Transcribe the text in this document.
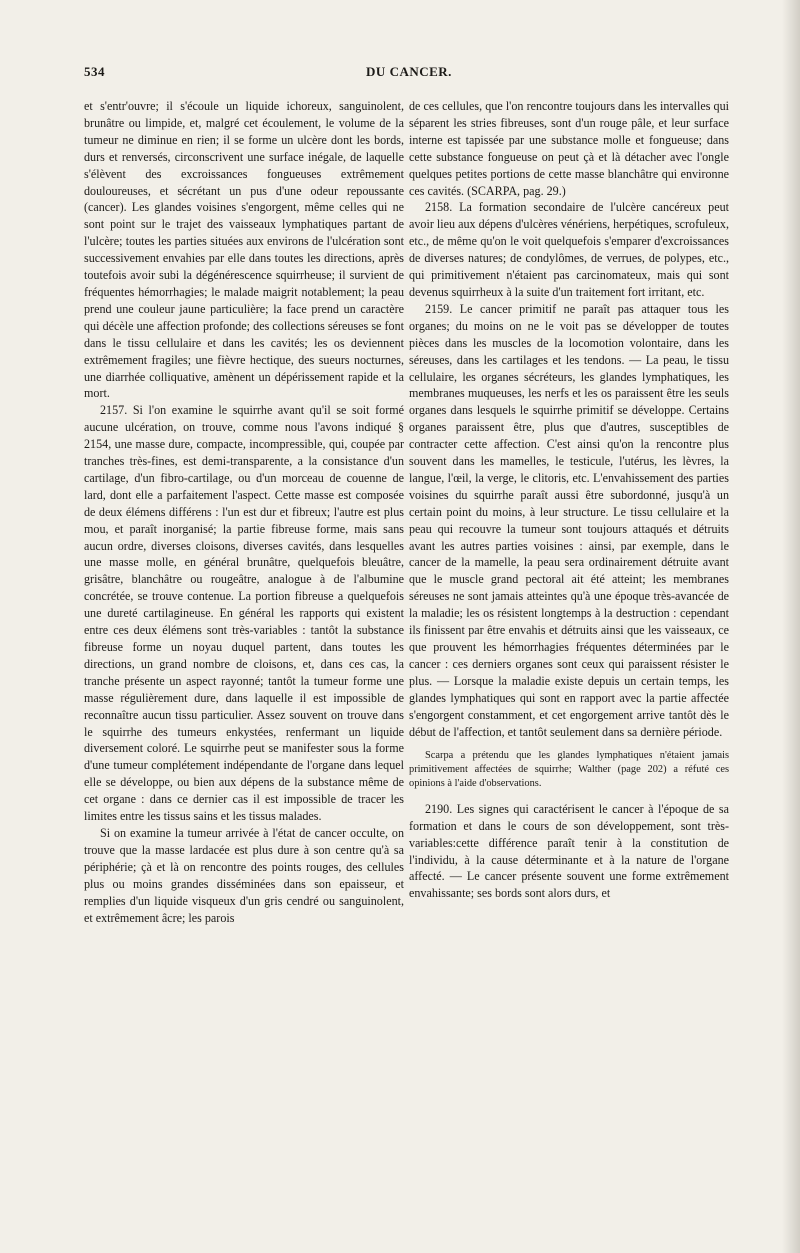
534	DU CANCER.

et s'entr'ouvre; il s'écoule un liquide ichoreux, sanguinolent, brunâtre ou limpide, et, malgré cet écoulement, le volume de la tumeur ne diminue en rien; il se forme un ulcère dont les bords, durs et renversés, circonscrivent une surface inégale, de laquelle s'élèvent des excroissances fongueuses extrêmement douloureuses, et sécrétant un pus d'une odeur repoussante (cancer). Les glandes voisines s'engorgent, même celles qui ne sont point sur le trajet des vaisseaux lymphatiques partant de l'ulcère; toutes les parties situées aux environs de l'ulcération sont successivement envahies par elle dans toutes les directions, après toutefois avoir subi la dégénérescence squirrheuse; il survient de fréquentes hémorrhagies; le malade maigrit notablement; la peau prend une couleur jaune particulière; la face prend un caractère qui décèle une affection profonde; des collections séreuses se font dans le tissu cellulaire et dans les cavités; les os deviennent extrêmement fragiles; une fièvre hectique, des sueurs nocturnes, une diarrhée colliquative, amènent un dépérissement rapide et la mort.

2157. Si l'on examine le squirrhe avant qu'il se soit formé aucune ulcération, on trouve, comme nous l'avons indiqué § 2154, une masse dure, compacte, incompressible, qui, coupée par tranches très-fines, est demi-transparente, a la consistance d'un cartilage, d'un fibro-cartilage, ou d'un morceau de couenne de lard, dont elle a parfaitement l'aspect. Cette masse est composée de deux élémens différens : l'un est dur et fibreux; l'autre est plus mou, et paraît inorganisé; la partie fibreuse forme, mais sans aucun ordre, diverses cloisons, diverses cavités, dans lesquelles une masse molle, en général brunâtre, quelquefois bleuâtre, grisâtre, blanchâtre ou rougeâtre, analogue à de l'albumine concrétée, se trouve contenue. La portion fibreuse a quelquefois une dureté cartilagineuse. En général les rapports qui existent entre ces deux élémens sont très-variables : tantôt la substance fibreuse forme un noyau duquel partent, dans toutes les directions, un grand nombre de cloisons, et, dans ces cas, la tranche présente un aspect rayonné; tantôt la tumeur forme une masse régulièrement dure, dans laquelle il est impossible de reconnaître aucun tissu particulier. Assez souvent on trouve dans le squirrhe des tumeurs enkystées, renfermant un liquide diversement coloré. Le squirrhe peut se manifester sous la forme d'une tumeur complétement indépendante de l'organe dans lequel elle se développe, ou bien aux dépens de la substance même de cet organe : dans ce dernier cas il est impossible de tracer les limites entre les tissus sains et les tissus malades.

Si on examine la tumeur arrivée à l'état de cancer occulte, on trouve que la masse lardacée est plus dure à son centre qu'à sa périphérie; çà et là on rencontre des points rouges, des cellules plus ou moins grandes disséminées dans son epaisseur, et remplies d'un liquide visqueux d'un gris cendré ou sanguinolent, et extrêmement âcre; les parois

de ces cellules, que l'on rencontre toujours dans les intervalles qui séparent les stries fibreuses, sont d'un rouge pâle, et leur surface interne est tapissée par une substance molle et fongueuse; dans cette substance fongueuse on peut çà et là détacher avec l'ongle quelques petites portions de cette masse blanchâtre qui environne ces cavités. (SCARPA, pag. 29.)

2158. La formation secondaire de l'ulcère cancéreux peut avoir lieu aux dépens d'ulcères vénériens, herpétiques, scrofuleux, etc., de même qu'on le voit quelquefois s'emparer d'excroissances de diverses natures; de condylômes, de verrues, de polypes, etc., qui primitivement n'étaient pas carcinomateux, mais qui sont devenus squirrheux à la suite d'un traitement fort irritant, etc.

2159. Le cancer primitif ne paraît pas attaquer tous les organes; du moins on ne le voit pas se développer de toutes pièces dans les muscles de la locomotion volontaire, dans les séreuses, dans les cartilages et les tendons. — La peau, le tissu cellulaire, les organes sécréteurs, les glandes lymphatiques, les membranes muqueuses, les nerfs et les os paraissent être les seuls organes dans lesquels le squirrhe primitif se développe. Certains organes paraissent être, plus que d'autres, susceptibles de contracter cette affection. C'est ainsi qu'on la rencontre plus souvent dans les mamelles, le testicule, l'utérus, les lèvres, la langue, l'œil, la verge, le clitoris, etc. L'envahissement des parties voisines du squirrhe paraît aussi être subordonné, jusqu'à un certain point du moins, à leur structure. Le tissu cellulaire et la peau qui recouvre la tumeur sont toujours attaqués et détruits avant les autres parties voisines : ainsi, par exemple, dans le cancer de la mamelle, la peau sera ordinairement détruite avant que le muscle grand pectoral ait été atteint; les membranes séreuses ne sont jamais atteintes qu'à une époque très-avancée de la maladie; les os résistent longtemps à la destruction : cependant ils finissent par être envahis et détruits ainsi que les vaisseaux, ce que prouvent les hémorrhagies fréquentes déterminées par le cancer : ces derniers organes sont ceux qui paraissent résister le plus. — Lorsque la maladie existe depuis un certain temps, les glandes lymphatiques qui sont en rapport avec la partie affectée s'engorgent constamment, et cet engorgement arrive tantôt dès le début de l'affection, et tantôt seulement dans sa dernière période.

Scarpa a prétendu que les glandes lymphatiques n'étaient jamais primitivement affectées de squirrhe; Walther (page 202) a réfuté ces opinions à l'aide d'observations.

2190. Les signes qui caractérisent le cancer à l'époque de sa formation et dans le cours de son développement, sont très-variables:cette différence paraît tenir à la constitution de l'individu, à la cause déterminante et à la nature de l'organe affecté. — Le cancer présente souvent une forme extrêmement envahissante; ses bords sont alors durs, et
